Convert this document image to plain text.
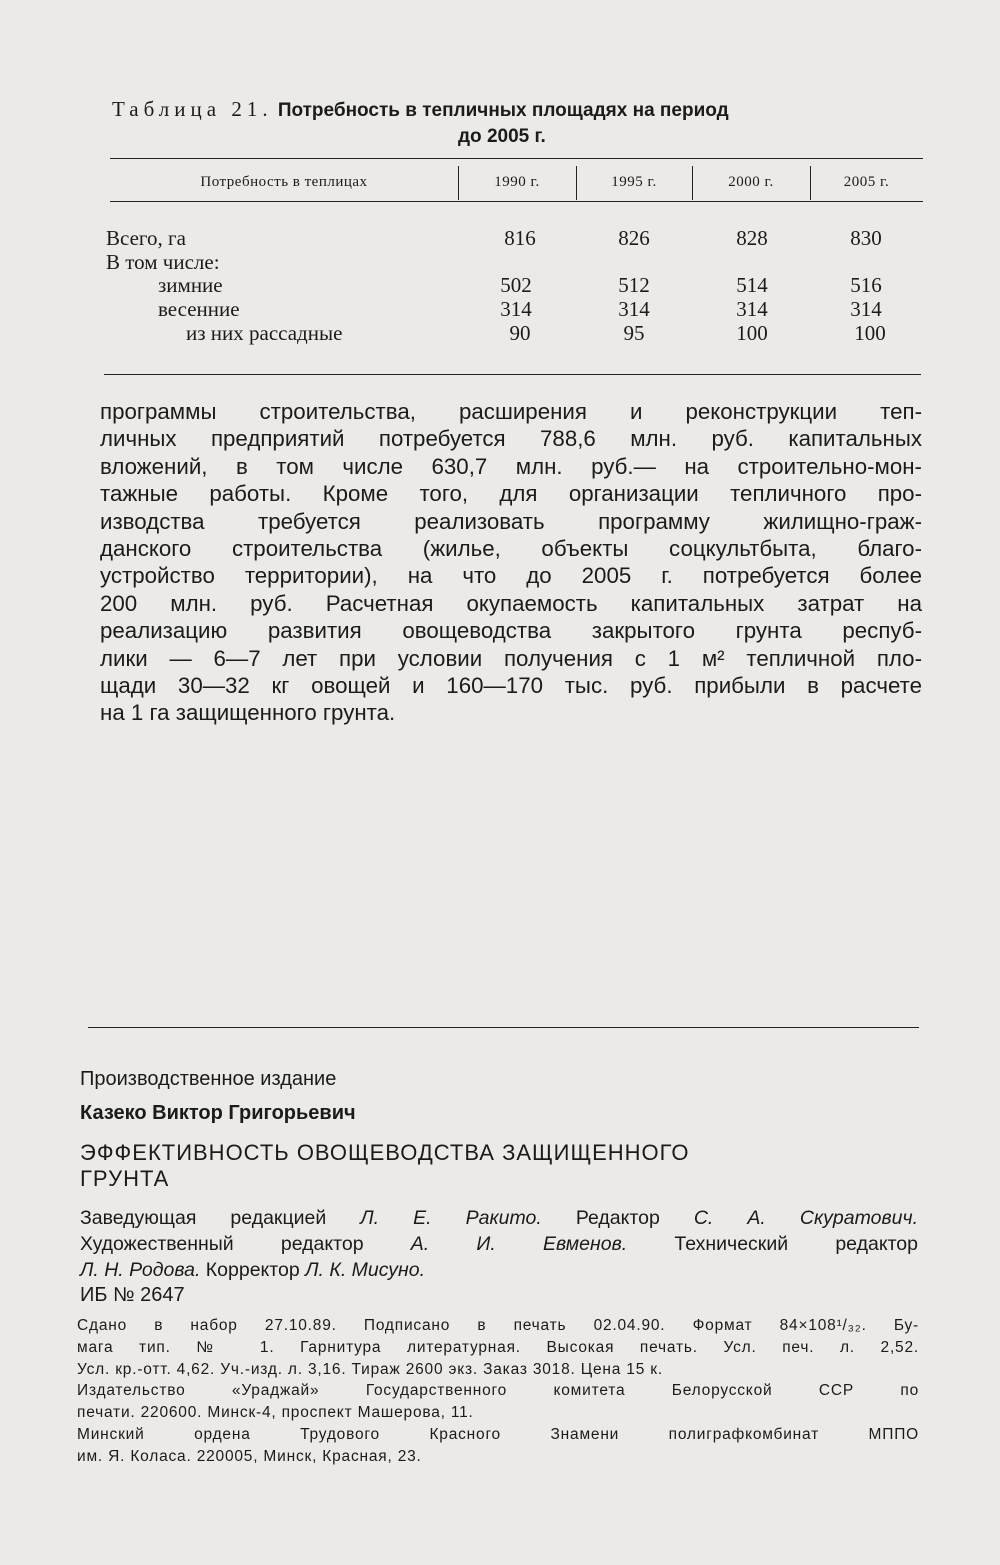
Таблица 21. Потребность в тепличных площадях на период
до 2005 г.
Потребность в теплицах	1990 г.	1995 г.	2000 г.	2005 г.
Всего, га	816	826	828	830
В том числе:
зимние	502	512	514	516
весенние	314	314	314	314
из них рассадные	90	95	100	100
программы строительства, расширения и реконструкции теп-
личных предприятий потребуется 788,6 млн. руб. капитальных
вложений, в том числе 630,7 млн. руб.— на строительно-мон-
тажные работы. Кроме того, для организации тепличного про-
изводства требуется реализовать программу жилищно-граж-
данского строительства (жилье, объекты соцкультбыта, благо-
устройство территории), на что до 2005 г. потребуется более
200 млн. руб. Расчетная окупаемость капитальных затрат на
реализацию развития овощеводства закрытого грунта респуб-
лики — 6—7 лет при условии получения с 1 м² тепличной пло-
щади 30—32 кг овощей и 160—170 тыс. руб. прибыли в расчете
на 1 га защищенного грунта.
Производственное издание
Казеко Виктор Григорьевич
ЭФФЕКТИВНОСТЬ ОВОЩЕВОДСТВА ЗАЩИЩЕННОГО
ГРУНТА
Заведующая редакцией Л. Е. Ракито. Редактор С. А. Скуратович.
Художественный редактор А. И. Евменов. Технический редактор
Л. Н. Родова. Корректор Л. К. Мисуно.
ИБ № 2647
Сдано в набор 27.10.89. Подписано в печать 02.04.90. Формат 84×108¹/₃₂. Бу-
мага тип. № 1. Гарнитура литературная. Высокая печать. Усл. печ. л. 2,52.
Усл. кр.-отт. 4,62. Уч.-изд. л. 3,16. Тираж 2600 экз. Заказ 3018. Цена 15 к.
Издательство «Ураджай» Государственного комитета Белорусской ССР по
печати. 220600. Минск-4, проспект Машерова, 11.
Минский ордена Трудового Красного Знамени полиграфкомбинат МППО
им. Я. Коласа. 220005, Минск, Красная, 23.
